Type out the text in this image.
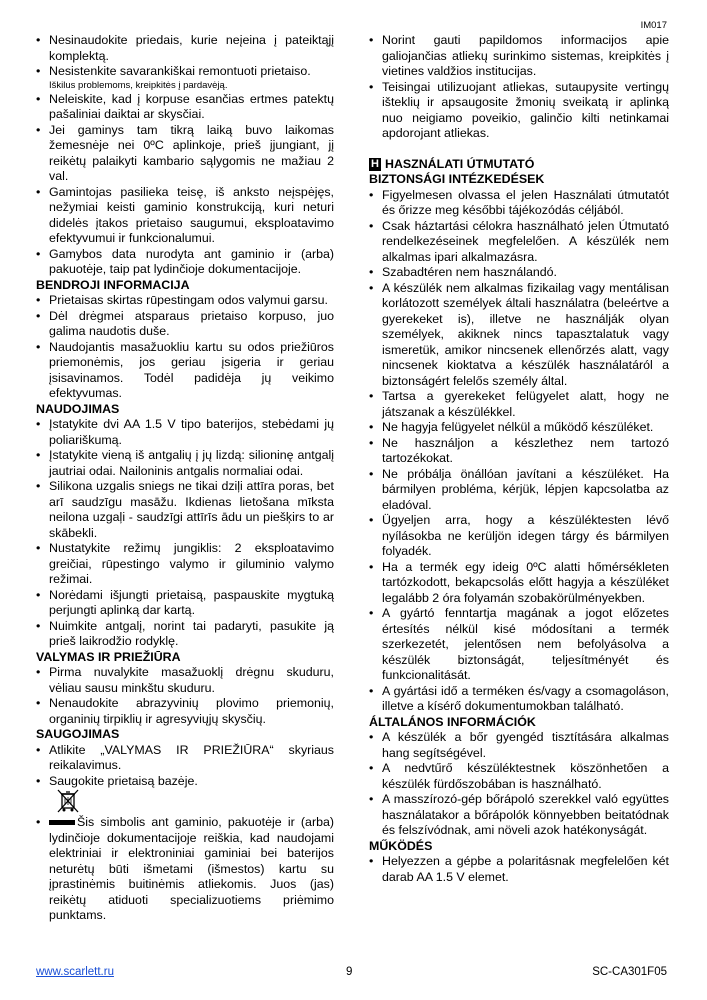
IM017
• Nesinaudokite priedais, kurie neįeina į pateiktąjį komplektą.
• Nesistenkite savarankiškai remontuoti prietaiso.
Iškilus problemoms, kreipkitės į pardavėją.
• Neleiskite, kad į korpuse esančias ertmes patektų pašaliniai daiktai ar skysčiai.
• Jei gaminys tam tikrą laiką buvo laikomas žemesnėje nei 0ºC aplinkoje, prieš įjungiant, jį reikėtų palaikyti kambario sąlygomis ne mažiau 2 val.
• Gamintojas pasilieka teisę, iš anksto neįspėjęs, nežymiai keisti gaminio konstrukciją, kuri neturi didelės įtakos prietaiso saugumui, eksploatavimo efektyvumui ir funkcionalumui.
• Gamybos data nurodyta ant gaminio ir (arba) pakuotėje, taip pat lydinčioje dokumentacijoje.
BENDROJI INFORMACIJA
• Prietaisas skirtas rūpestingam odos valymui garsu.
• Dėl drėgmei atsparaus prietaiso korpuso, juo galima naudotis duše.
• Naudojantis masažuokliu kartu su odos priežiūros priemonėmis, jos geriau įsigeria ir geriau įsisavinamos. Todėl padidėja jų veikimo efektyvumas.
NAUDOJIMAS
• Įstatykite dvi AA 1.5 V tipo baterijos, stebėdami jų poliariškumą.
• Įstatykite vieną iš antgalių į jų lizdą: silioninę antgalį jautriai odai. Nailoninis antgalis normaliai odai.
• Silikona uzgalis sniegs ne tikai dziļi attīra poras, bet arī saudzīgu masāžu. Ikdienas lietošana mīksta neilona uzgaļi - saudzīgi attīrīs ādu un piešķirs to ar skābekli.
• Nustatykite režimų jungiklis: 2 eksploatavimo greičiai, rūpestingo valymo ir giluminio valymo režimai.
• Norėdami išjungti prietaisą, paspauskite mygtuką perjungti aplinką dar kartą.
• Nuimkite antgalį, norint tai padaryti, pasukite ją prieš laikrodžio rodyklę.
VALYMAS IR PRIEŽIŪRA
• Pirma nuvalykite masažuoklį drėgnu skuduru, vėliau sausu minkštu skuduru.
• Nenaudokite abrazyvinių plovimo priemonių, organinių tirpiklių ir agresyviųjų skysčių.
SAUGOJIMAS
• Atlikite „VALYMAS IR PRIEŽIŪRA“ skyriaus reikalavimus.
• Saugokite prietaisą bazėje.
• Šis simbolis ant gaminio, pakuotėje ir (arba) lydinčioje dokumentacijoje reiškia, kad naudojami elektriniai ir elektroniniai gaminiai bei baterijos neturėtų būti išmetami (išmestos) kartu su įprastinėmis buitinėmis atliekomis. Juos (jas) reikėtų atiduoti specializuotiems priėmimo punktams.
• Norint gauti papildomos informacijos apie galiojančias atliekų surinkimo sistemas, kreipkitės į vietines valdžios institucijas.
• Teisingai utilizuojant atliekas, sutaupysite vertingų išteklių ir apsaugosite žmonių sveikatą ir aplinką nuo neigiamo poveikio, galinčio kilti netinkamai apdorojant atliekas.
H HASZNÁLATI ÚTMUTATÓ
BIZTONSÁGI INTÉZKEDÉSEK
• Figyelmesen olvassa el jelen Használati útmutatót és őrizze meg későbbi tájékozódás céljából.
• Csak háztartási célokra használható jelen Útmutató rendelkezéseinek megfelelően. A készülék nem alkalmas ipari alkalmazásra.
• Szabadtéren nem használandó.
• A készülék nem alkalmas fizikailag vagy mentálisan korlátozott személyek általi használatra (beleértve a gyerekeket is), illetve ne használják olyan személyek, akiknek nincs tapasztalatuk vagy ismeretük, amikor nincsenek ellenőrzés alatt, vagy nincsenek kioktatva a készülék használatáról a biztonságért felelős személy által.
• Tartsa a gyerekeket felügyelet alatt, hogy ne játszanak a készülékkel.
• Ne hagyja felügyelet nélkül a működő készüléket.
• Ne használjon a készlethez nem tartozó tartozékokat.
• Ne próbálja önállóan javítani a készüléket. Ha bármilyen probléma, kérjük, lépjen kapcsolatba az eladóval.
• Ügyeljen arra, hogy a készüléktesten lévő nyílásokba ne kerüljön idegen tárgy és bármilyen folyadék.
• Ha a termék egy ideig 0ºC alatti hőmérsékleten tartózkodott, bekapcsolás előtt hagyja a készüléket legalább 2 óra folyamán szobakörülményekben.
• A gyártó fenntartja magának a jogot előzetes értesítés nélkül kisé módosítani a termék szerkezetét, jelentősen nem befolyásolva a készülék biztonságát, teljesítményét és funkcionalitását.
• A gyártási idő a terméken és/vagy a csomagoláson, illetve a kísérő dokumentumokban található.
ÁLTALÁNOS INFORMÁCIÓK
• A készülék a bőr gyengéd tisztítására alkalmas hang segítségével.
• A nedvtűrő készüléktestnek köszönhetően a készülék fürdőszobában is használható.
• A masszírozó-gép bőrápoló szerekkel való együttes használatakor a bőrápolók könnyebben beitatódnak és felszívódnak, ami növeli azok hatékonyságát.
MŰKÖDÉS
• Helyezzen a gépbe a polaritásnak megfelelően két darab AA 1.5 V elemet.
www.scarlett.ru	9	SC-CA301F05
